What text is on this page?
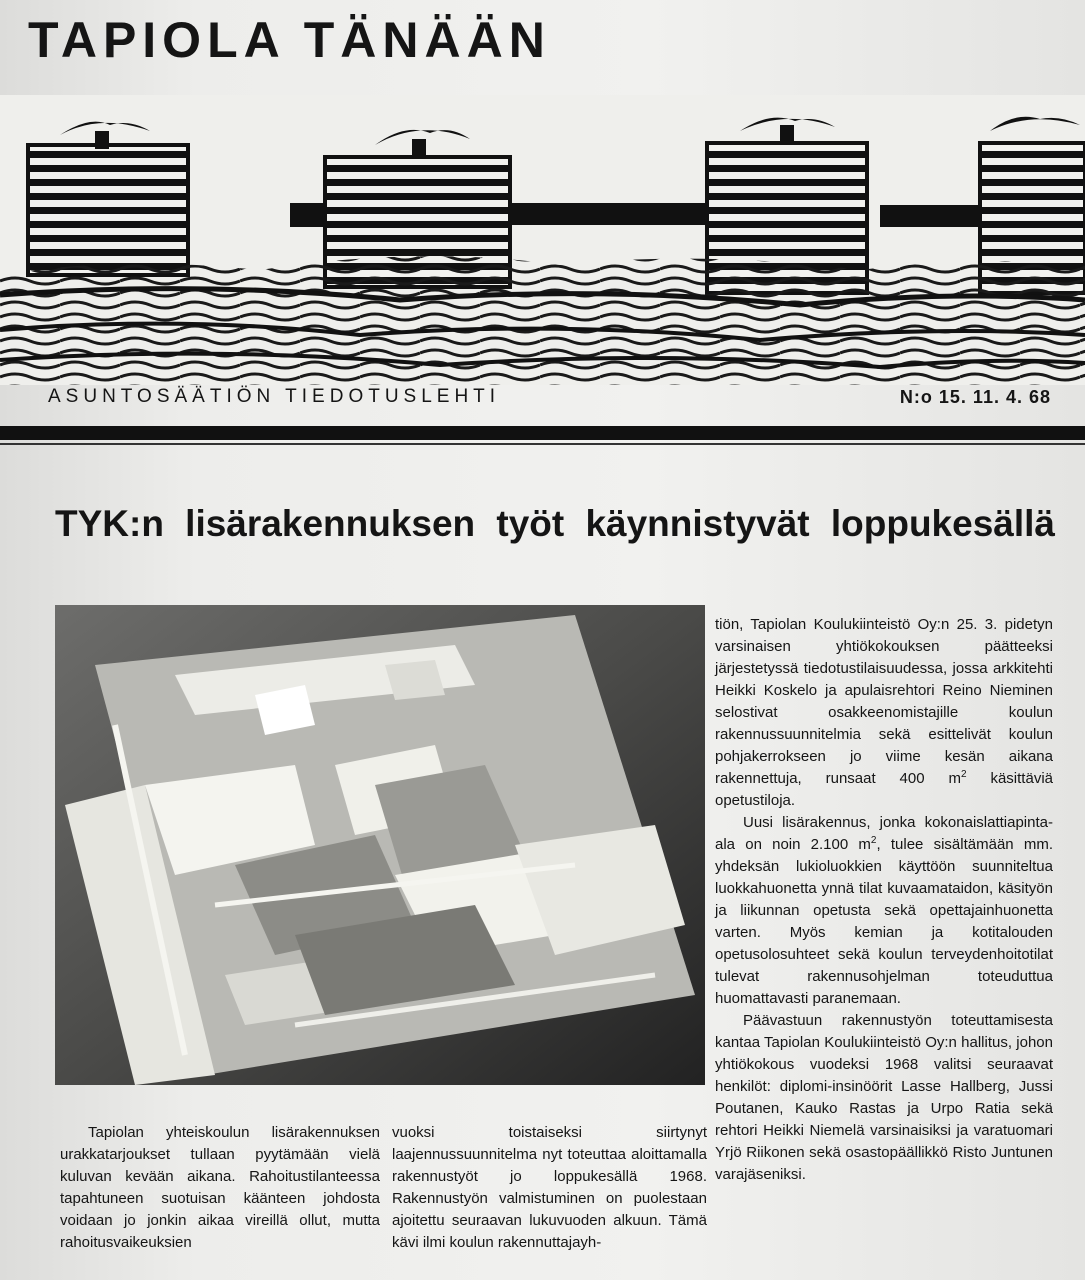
TAPIOLA TÄNÄÄN
ASUNTOSÄÄTIÖN TIEDOTUSLEHTI	N:o 15. 11. 4. 68
TYK:n lisärakennuksen työt käynnistyvät loppukesällä

tiön, Tapiolan Koulukiinteistö Oy:n 25. 3. pidetyn varsinaisen yhtiökokouksen päätteeksi järjestetyssä tiedotustilaisuudessa, jossa arkkitehti Heikki Koskelo ja apulaisrehtori Reino Nieminen selostivat osakkeenomistajille koulun rakennussuunnitelmia sekä esittelivät koulun pohjakerrokseen jo viime kesän aikana rakennettuja, runsaat 400 $m^2$ käsittäviä opetustiloja.

Uusi lisärakennus, jonka kokonaislattiapinta-ala on noin 2.100 $m^2$, tulee sisältämään mm. yhdeksän lukioluokkien käyttöön suunniteltua luokkahuonetta ynnä tilat kuvaamataidon, käsityön ja liikunnan opetusta sekä opettajainhuonetta varten. Myös kemian ja kotitalouden opetusolosuhteet sekä koulun terveydenhoitotilat tulevat rakennusohjelman toteuduttua huomattavasti paranemaan.

Päävastuun rakennustyön toteuttamisesta kantaa Tapiolan Koulukiinteistö Oy:n hallitus, johon yhtiökokous vuodeksi 1968 valitsi seuraavat henkilöt: diplomi-insinöörit Lasse Hallberg, Jussi Poutanen, Kauko Rastas ja Urpo Ratia sekä rehtori Heikki Niemelä varsinaisiksi ja varatuomari Yrjö Riikonen sekä osastopäällikkö Risto Juntunen varajäseniksi.

Tapiolan yhteiskoulun lisärakennuksen urakkatarjoukset tullaan pyytämään vielä kuluvan kevään aikana. Rahoitustilanteessa tapahtuneen suotuisan käänteen johdosta voidaan jo jonkin aikaa vireillä ollut, mutta rahoitusvaikeuksien

vuoksi toistaiseksi siirtynyt laajennussuunnitelma nyt toteuttaa aloittamalla rakennustyöt jo loppukesällä 1968. Rakennustyön valmistuminen on puolestaan ajoitettu seuraavan lukuvuoden alkuun. Tämä kävi ilmi koulun rakennuttajayh-
